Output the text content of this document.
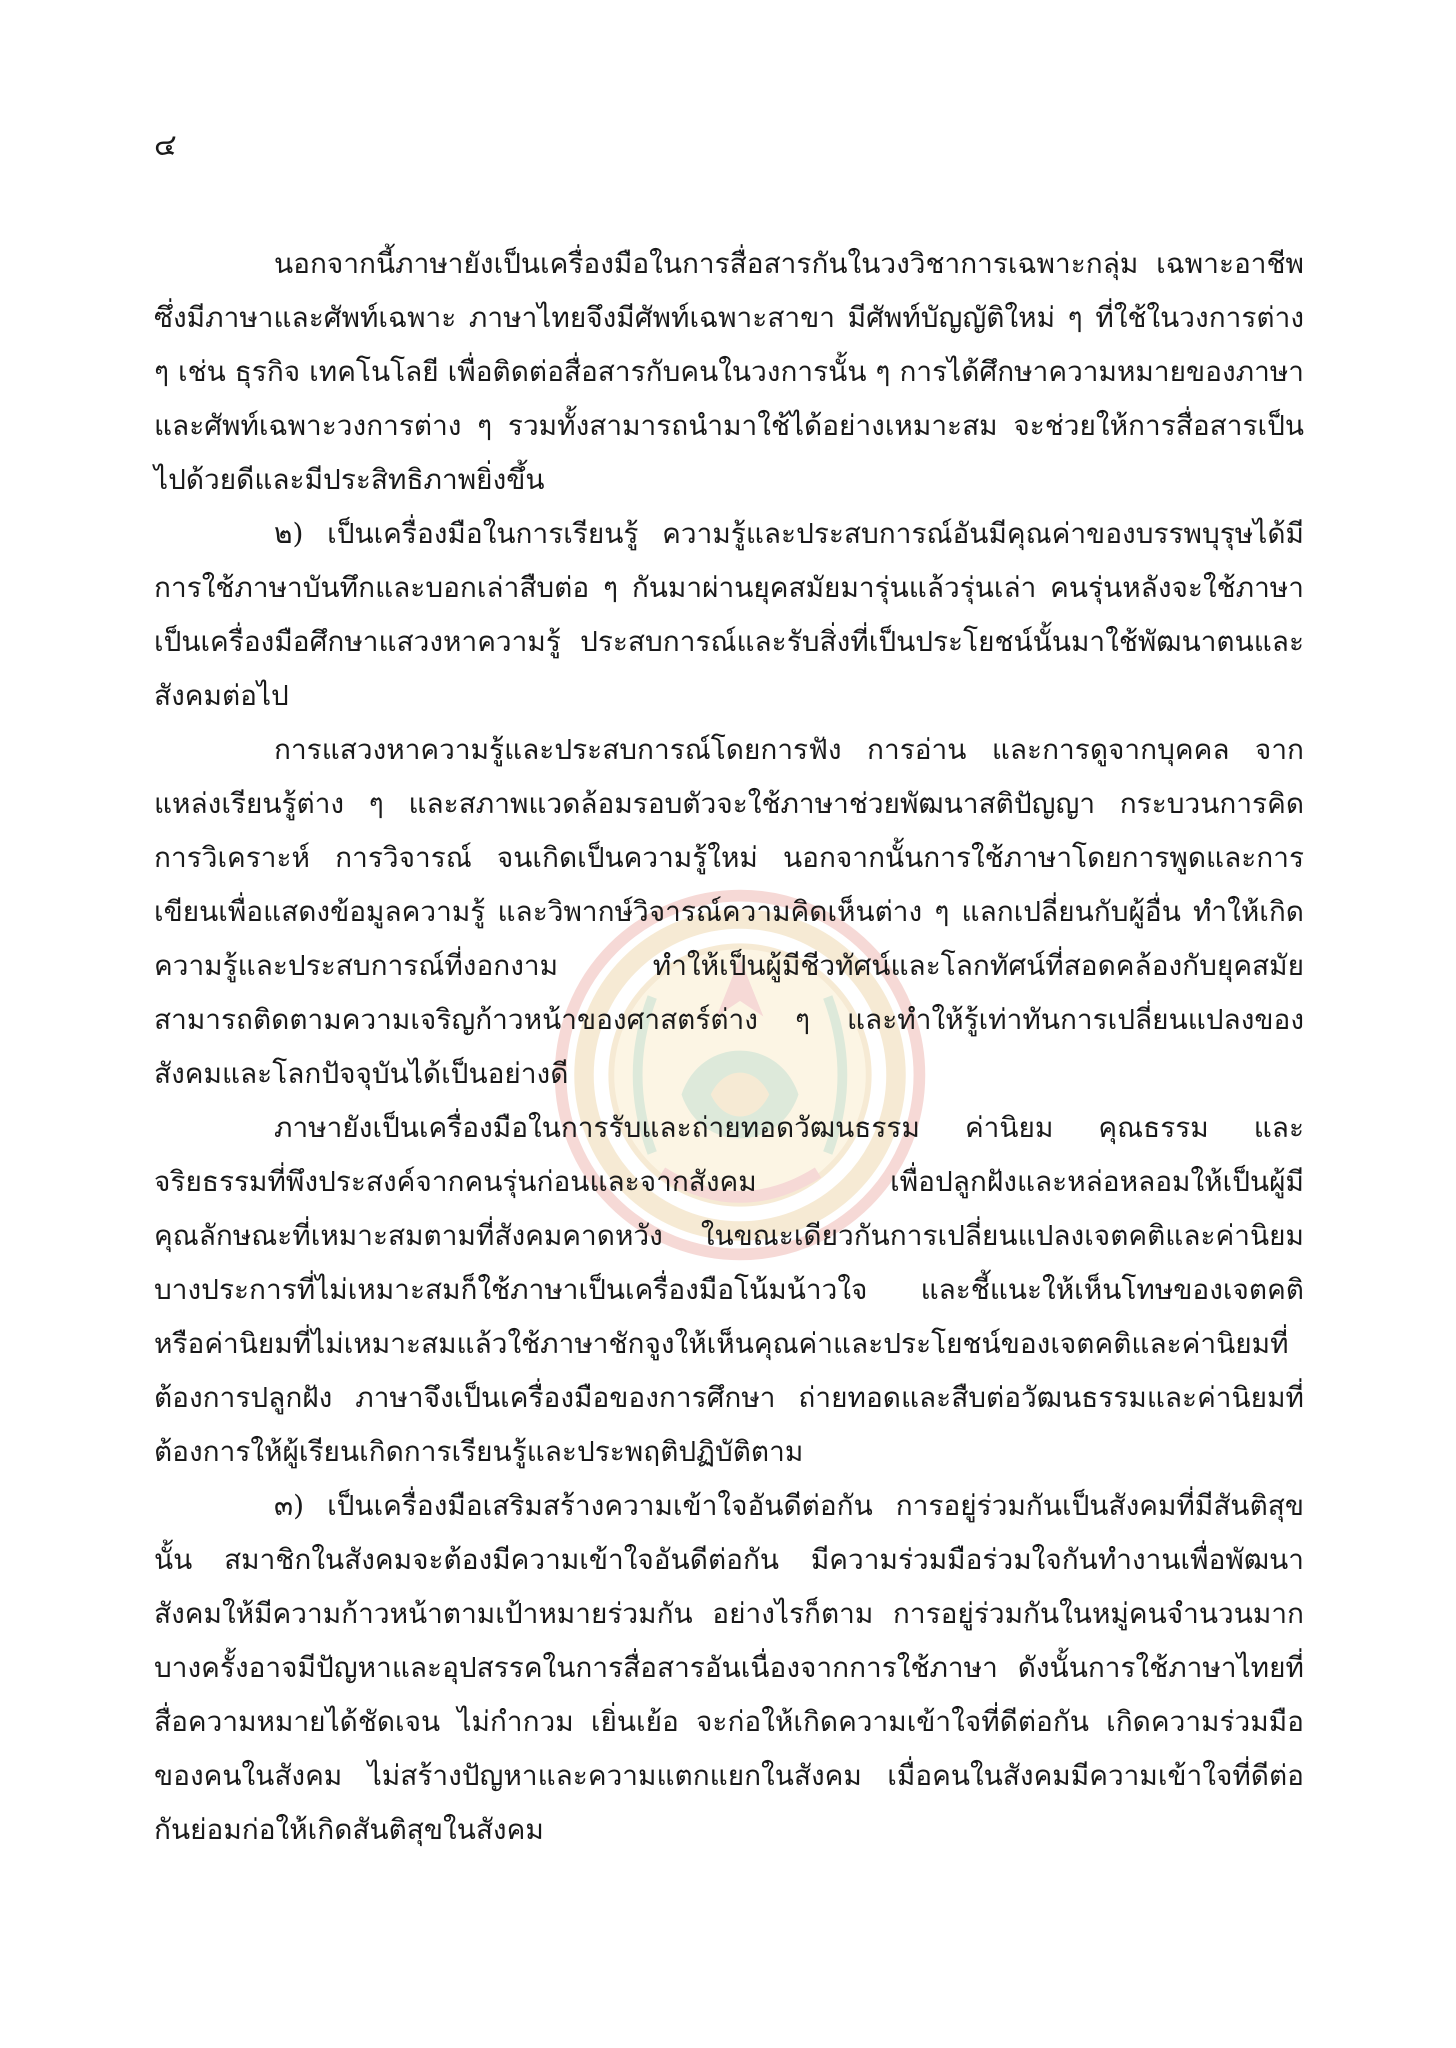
๔

นอกจากนี้ภาษายังเป็นเครื่องมือในการสื่อสารกันในวงวิชาการเฉพาะกลุ่ม เฉพาะอาชีพ ซึ่งมีภาษาและศัพท์เฉพาะ ภาษาไทยจึงมีศัพท์เฉพาะสาขา มีศัพท์บัญญัติใหม่ ๆ ที่ใช้ในวงการต่าง ๆ เช่น ธุรกิจ เทคโนโลยี เพื่อติดต่อสื่อสารกับคนในวงการนั้น ๆ การได้ศึกษาความหมายของภาษาและศัพท์เฉพาะวงการต่าง ๆ รวมทั้งสามารถนำมาใช้ได้อย่างเหมาะสม จะช่วยให้การสื่อสารเป็นไปด้วยดีและมีประสิทธิภาพยิ่งขึ้น

๒) เป็นเครื่องมือในการเรียนรู้ ความรู้และประสบการณ์อันมีคุณค่าของบรรพบุรุษได้มีการใช้ภาษาบันทึกและบอกเล่าสืบต่อ ๆ กันมาผ่านยุคสมัยมารุ่นแล้วรุ่นเล่า คนรุ่นหลังจะใช้ภาษาเป็นเครื่องมือศึกษาแสวงหาความรู้ ประสบการณ์และรับสิ่งที่เป็นประโยชน์นั้นมาใช้พัฒนาตนและสังคมต่อไป

การแสวงหาความรู้และประสบการณ์โดยการฟัง การอ่าน และการดูจากบุคคล จากแหล่งเรียนรู้ต่าง ๆ และสภาพแวดล้อมรอบตัวจะใช้ภาษาช่วยพัฒนาสติปัญญา กระบวนการคิด การวิเคราะห์ การวิจารณ์ จนเกิดเป็นความรู้ใหม่ นอกจากนั้นการใช้ภาษาโดยการพูดและการเขียนเพื่อแสดงข้อมูลความรู้ และวิพากษ์วิจารณ์ความคิดเห็นต่าง ๆ แลกเปลี่ยนกับผู้อื่น ทำให้เกิดความรู้และประสบการณ์ที่งอกงาม ทำให้เป็นผู้มีชีวทัศน์และโลกทัศน์ที่สอดคล้องกับยุคสมัย สามารถติดตามความเจริญก้าวหน้าของศาสตร์ต่าง ๆ และทำให้รู้เท่าทันการเปลี่ยนแปลงของสังคมและโลกปัจจุบันได้เป็นอย่างดี

ภาษายังเป็นเครื่องมือในการรับและถ่ายทอดวัฒนธรรม ค่านิยม คุณธรรม และจริยธรรมที่พึงประสงค์จากคนรุ่นก่อนและจากสังคม เพื่อปลูกฝังและหล่อหลอมให้เป็นผู้มีคุณลักษณะที่เหมาะสมตามที่สังคมคาดหวัง ในขณะเดียวกันการเปลี่ยนแปลงเจตคติและค่านิยมบางประการที่ไม่เหมาะสมก็ใช้ภาษาเป็นเครื่องมือโน้มน้าวใจ และชี้แนะให้เห็นโทษของเจตคติหรือค่านิยมที่ไม่เหมาะสมแล้วใช้ภาษาชักจูงให้เห็นคุณค่าและประโยชน์ของเจตคติและค่านิยมที่ต้องการปลูกฝัง ภาษาจึงเป็นเครื่องมือของการศึกษา ถ่ายทอดและสืบต่อวัฒนธรรมและค่านิยมที่ต้องการให้ผู้เรียนเกิดการเรียนรู้และประพฤติปฏิบัติตาม

๓) เป็นเครื่องมือเสริมสร้างความเข้าใจอันดีต่อกัน การอยู่ร่วมกันเป็นสังคมที่มีสันติสุขนั้น สมาชิกในสังคมจะต้องมีความเข้าใจอันดีต่อกัน มีความร่วมมือร่วมใจกันทำงานเพื่อพัฒนาสังคมให้มีความก้าวหน้าตามเป้าหมายร่วมกัน อย่างไรก็ตาม การอยู่ร่วมกันในหมู่คนจำนวนมากบางครั้งอาจมีปัญหาและอุปสรรคในการสื่อสารอันเนื่องจากการใช้ภาษา ดังนั้นการใช้ภาษาไทยที่สื่อความหมายได้ชัดเจน ไม่กำกวม เยิ่นเย้อ จะก่อให้เกิดความเข้าใจที่ดีต่อกัน เกิดความร่วมมือของคนในสังคม ไม่สร้างปัญหาและความแตกแยกในสังคม เมื่อคนในสังคมมีความเข้าใจที่ดีต่อกันย่อมก่อให้เกิดสันติสุขในสังคม
